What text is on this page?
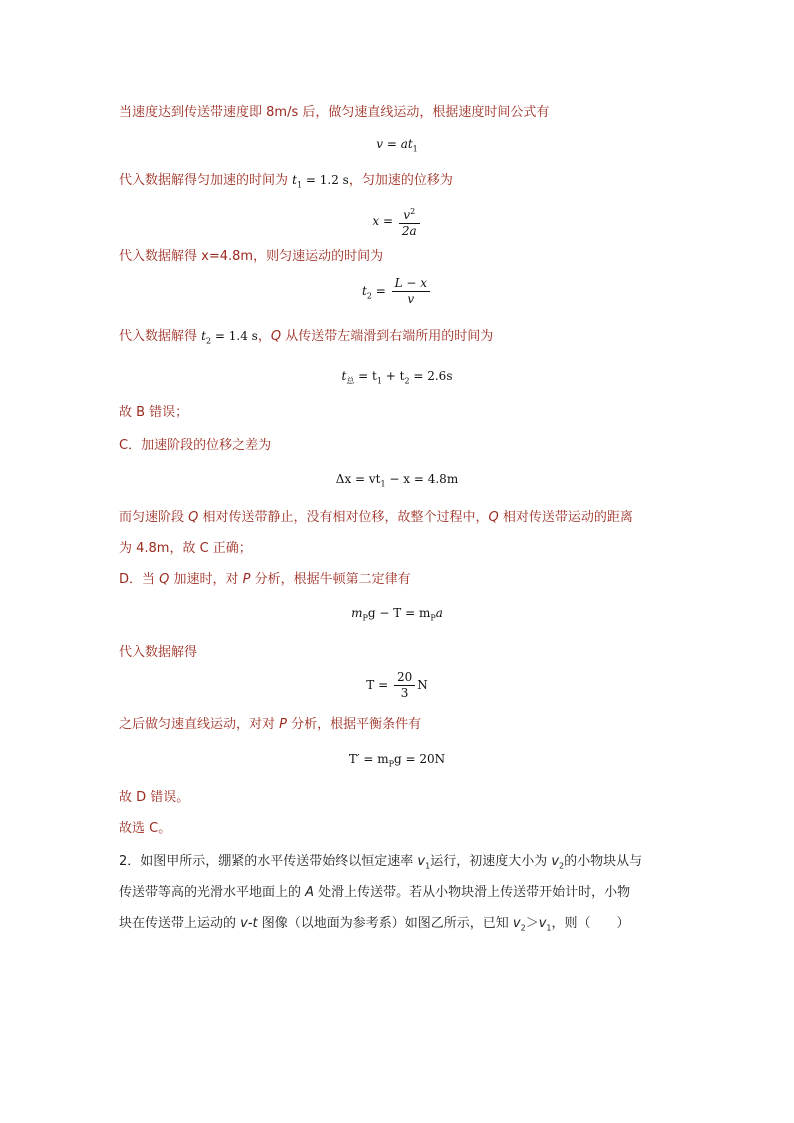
当速度达到传送带速度即 8m/s 后，做匀速直线运动，根据速度时间公式有
$v = at_1$
代入数据解得匀加速的时间为 $t_1 = 1.2$ s，匀加速的位移为
$x = \frac{v^2}{2a}$
代入数据解得 x=4.8m，则匀速运动的时间为
$t_2 = \frac{L - x}{v}$
代入数据解得 $t_2 = 1.4$ s，Q 从传送带左端滑到右端所用的时间为
$t_总 = t_1 + t_2 = 2.6s$
故 B 错误；
C．加速阶段的位移之差为
$\Delta x = vt_1 - x = 4.8m$
而匀速阶段 Q 相对传送带静止，没有相对位移，故整个过程中，Q 相对传送带运动的距离
为 4.8m，故 C 正确；
D．当 Q 加速时，对 P 分析，根据牛顿第二定律有
$m_Pg - T = m_Pa$
代入数据解得
$T = \frac{20}{3}$ N
之后做匀速直线运动，对对 P 分析，根据平衡条件有
$T' = m_Pg = 20N$
故 D 错误。
故选 C。
2．如图甲所示，绷紧的水平传送带始终以恒定速率 $v_1$运行，初速度大小为 $v_2$的小物块从与
传送带等高的光滑水平地面上的 A 处滑上传送带。若从小物块滑上传送带开始计时，小物
块在传送带上运动的 v-t 图像（以地面为参考系）如图乙所示，已知 $v_2>v_1$，则（　　）
